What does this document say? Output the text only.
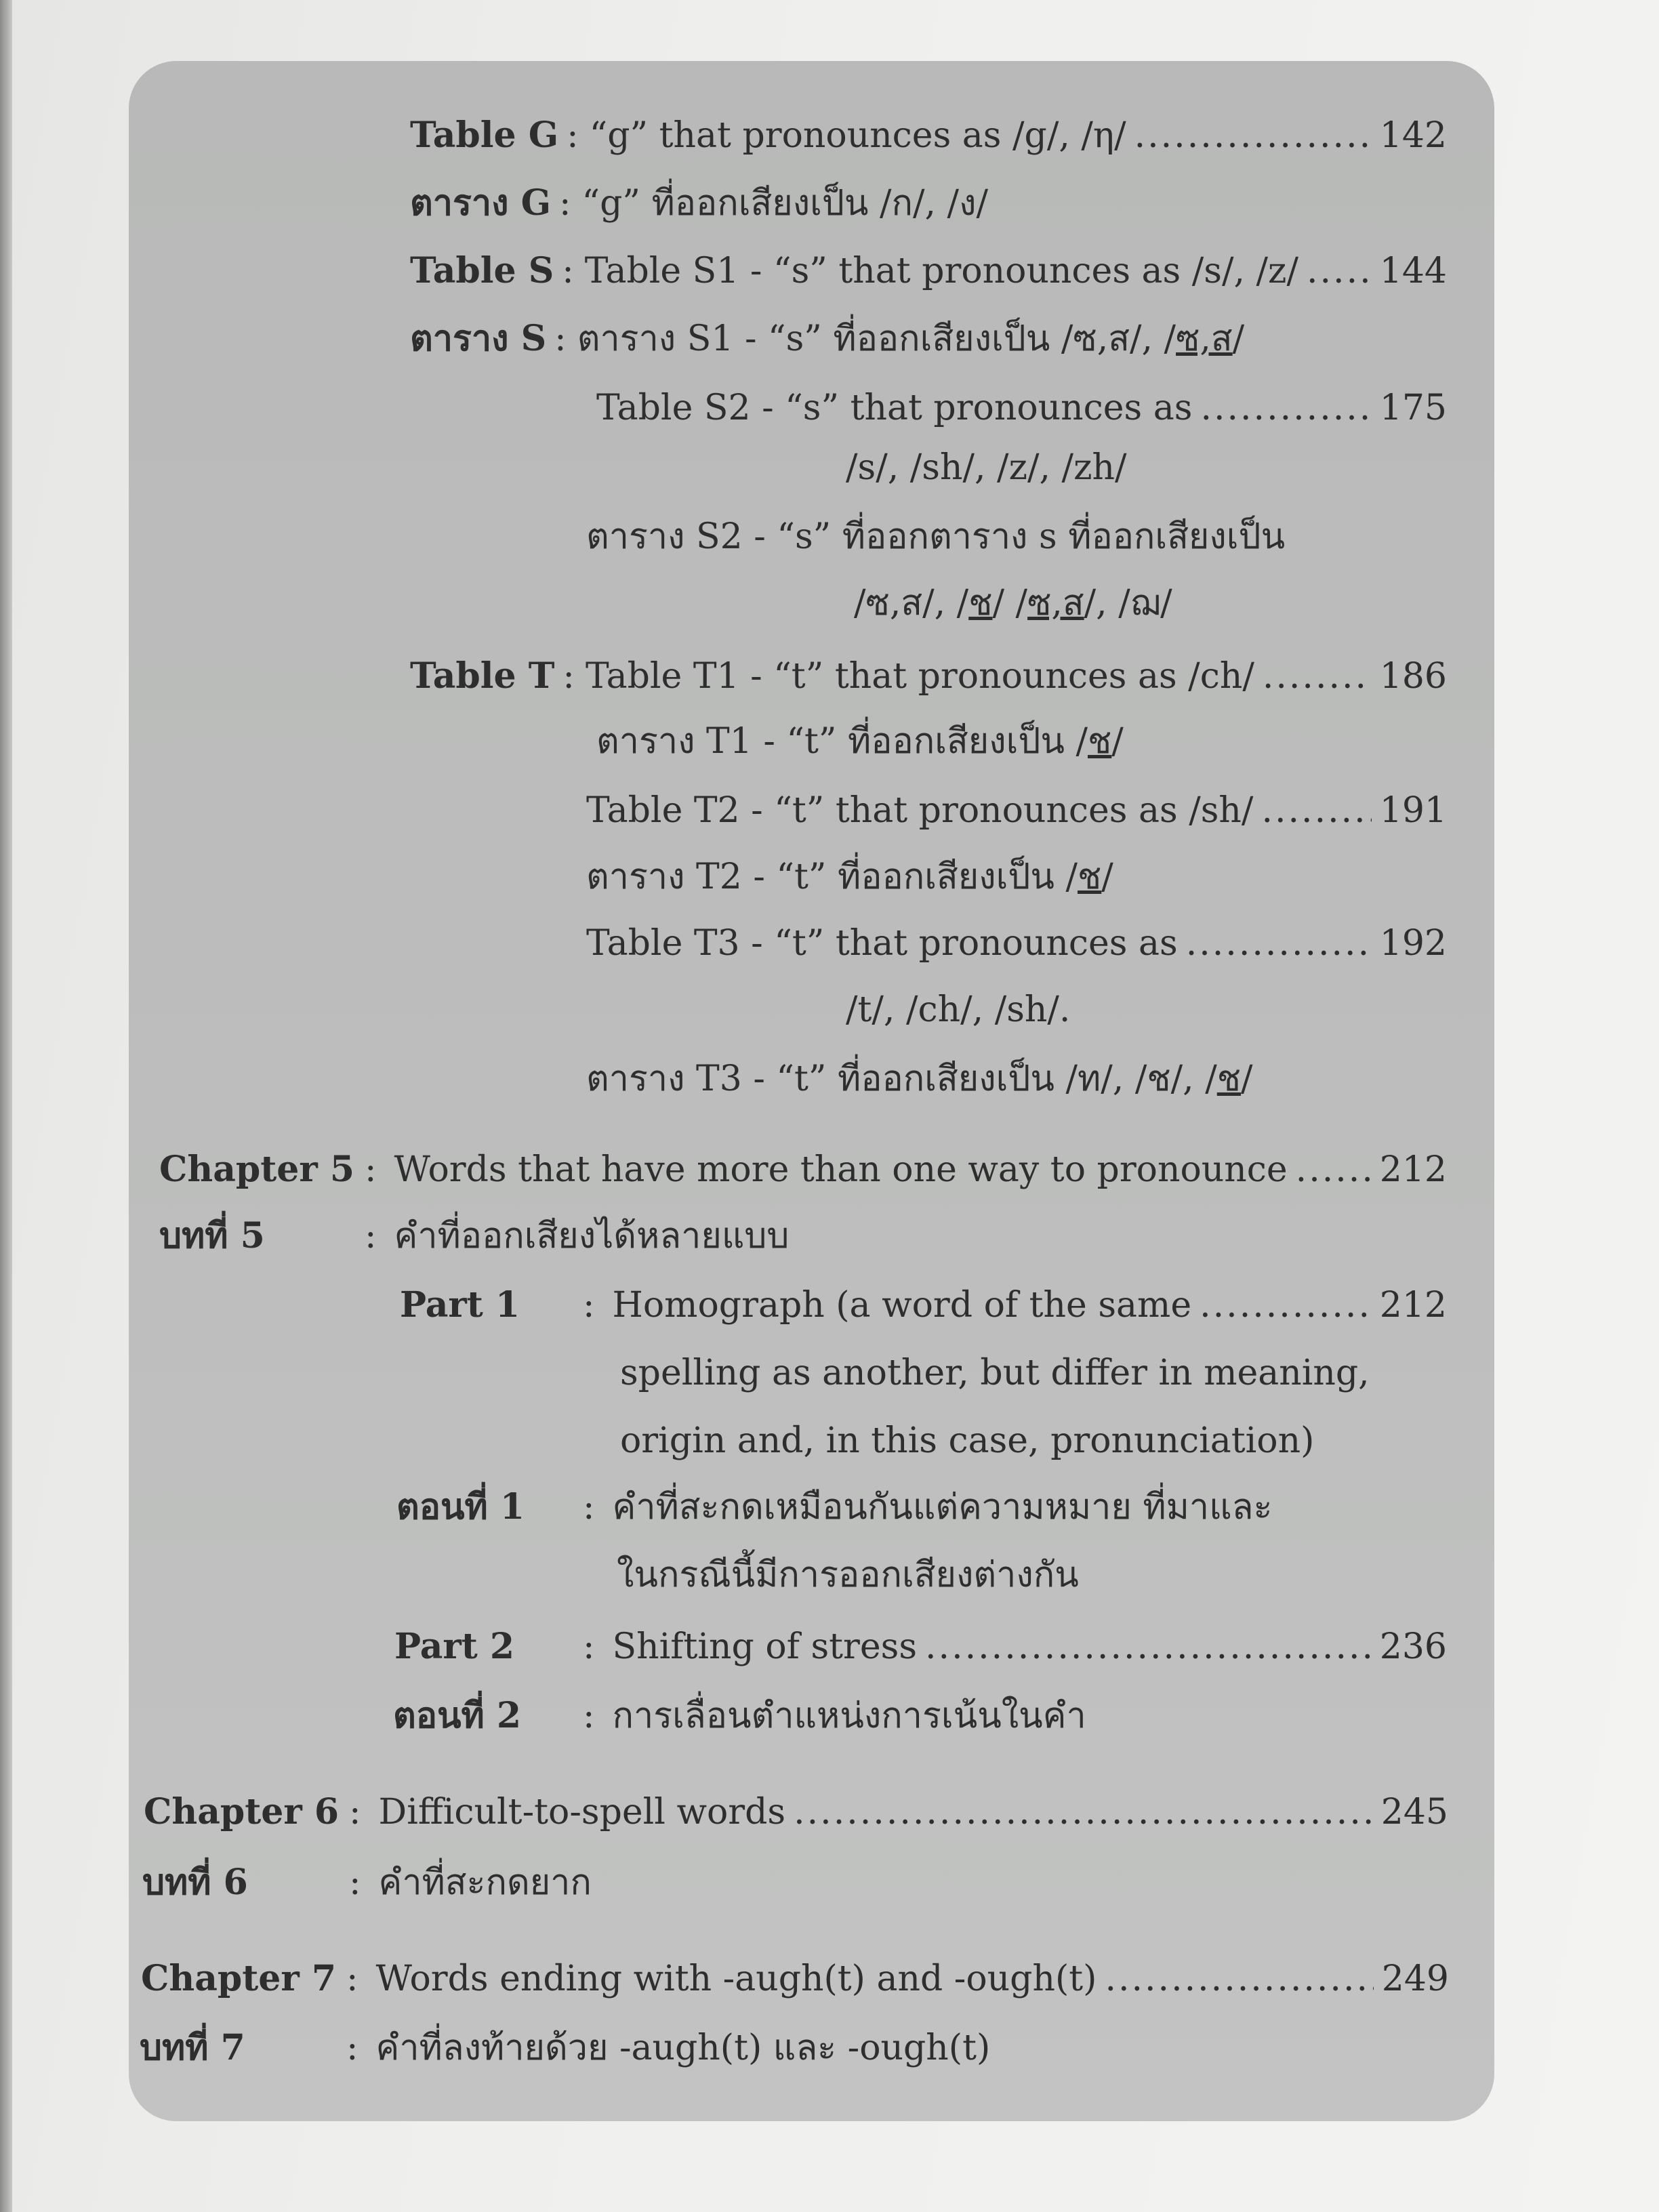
Table G : “g” that pronounces as /g/, /η/ .....	142
ตาราง G : “g” ที่ออกเสียงเป็น /ก/, /ง/
Table S : Table S1 - “s” that pronounces as /s/, /z/ ..... 144
ตาราง S : ตาราง S1 - “s” ที่ออกเสียงเป็น /ซ,ส/, / ซ,ส /
Table S2 - “s” that pronounces as .....	175
/s/, /sh/, /z/, /zh/
ตาราง S2 - “s” ที่ออกตาราง s ที่ออกเสียงเป็น
/ซ,ส/, / ช / / ซ,ส /, /ฌ/
Table T : Table T1 - “t” that pronounces as /ch/ .....	186
ตาราง T1 - “t” ที่ออกเสียงเป็น / ช /
Table T2 - “t” that pronounces as /sh/ .....	191
ตาราง T2 - “t” ที่ออกเสียงเป็น / ช /
Table T3 - “t” that pronounces as .....	192
/t/, /ch/, /sh/.
ตาราง T3 - “t” ที่ออกเสียงเป็น /ท/, /ช/, / ช /
Chapter 5 : Words that have more than one way to pronounce .....	212
บทที่ 5	: คำที่ออกเสียงได้หลายแบบ
Part 1	: Homograph (a word of the same .....	212
spelling as another, but differ in meaning,
origin and, in this case, pronunciation)
ตอนที่ 1	: คำที่สะกดเหมือนกันแต่ความหมาย ที่มาและ
ในกรณีนี้มีการออกเสียงต่างกัน
Part 2	: Shifting of stress .....	236
ตอนที่ 2	: การเลื่อนตำแหน่งการเน้นในคำ
Chapter 6 : Difficult-to-spell words .....	245
บทที่ 6	: คำที่สะกดยาก
Chapter 7 : Words ending with -augh(t) and -ough(t) .....	249
บทที่ 7	: คำที่ลงท้ายด้วย -augh(t) และ -ough(t)
